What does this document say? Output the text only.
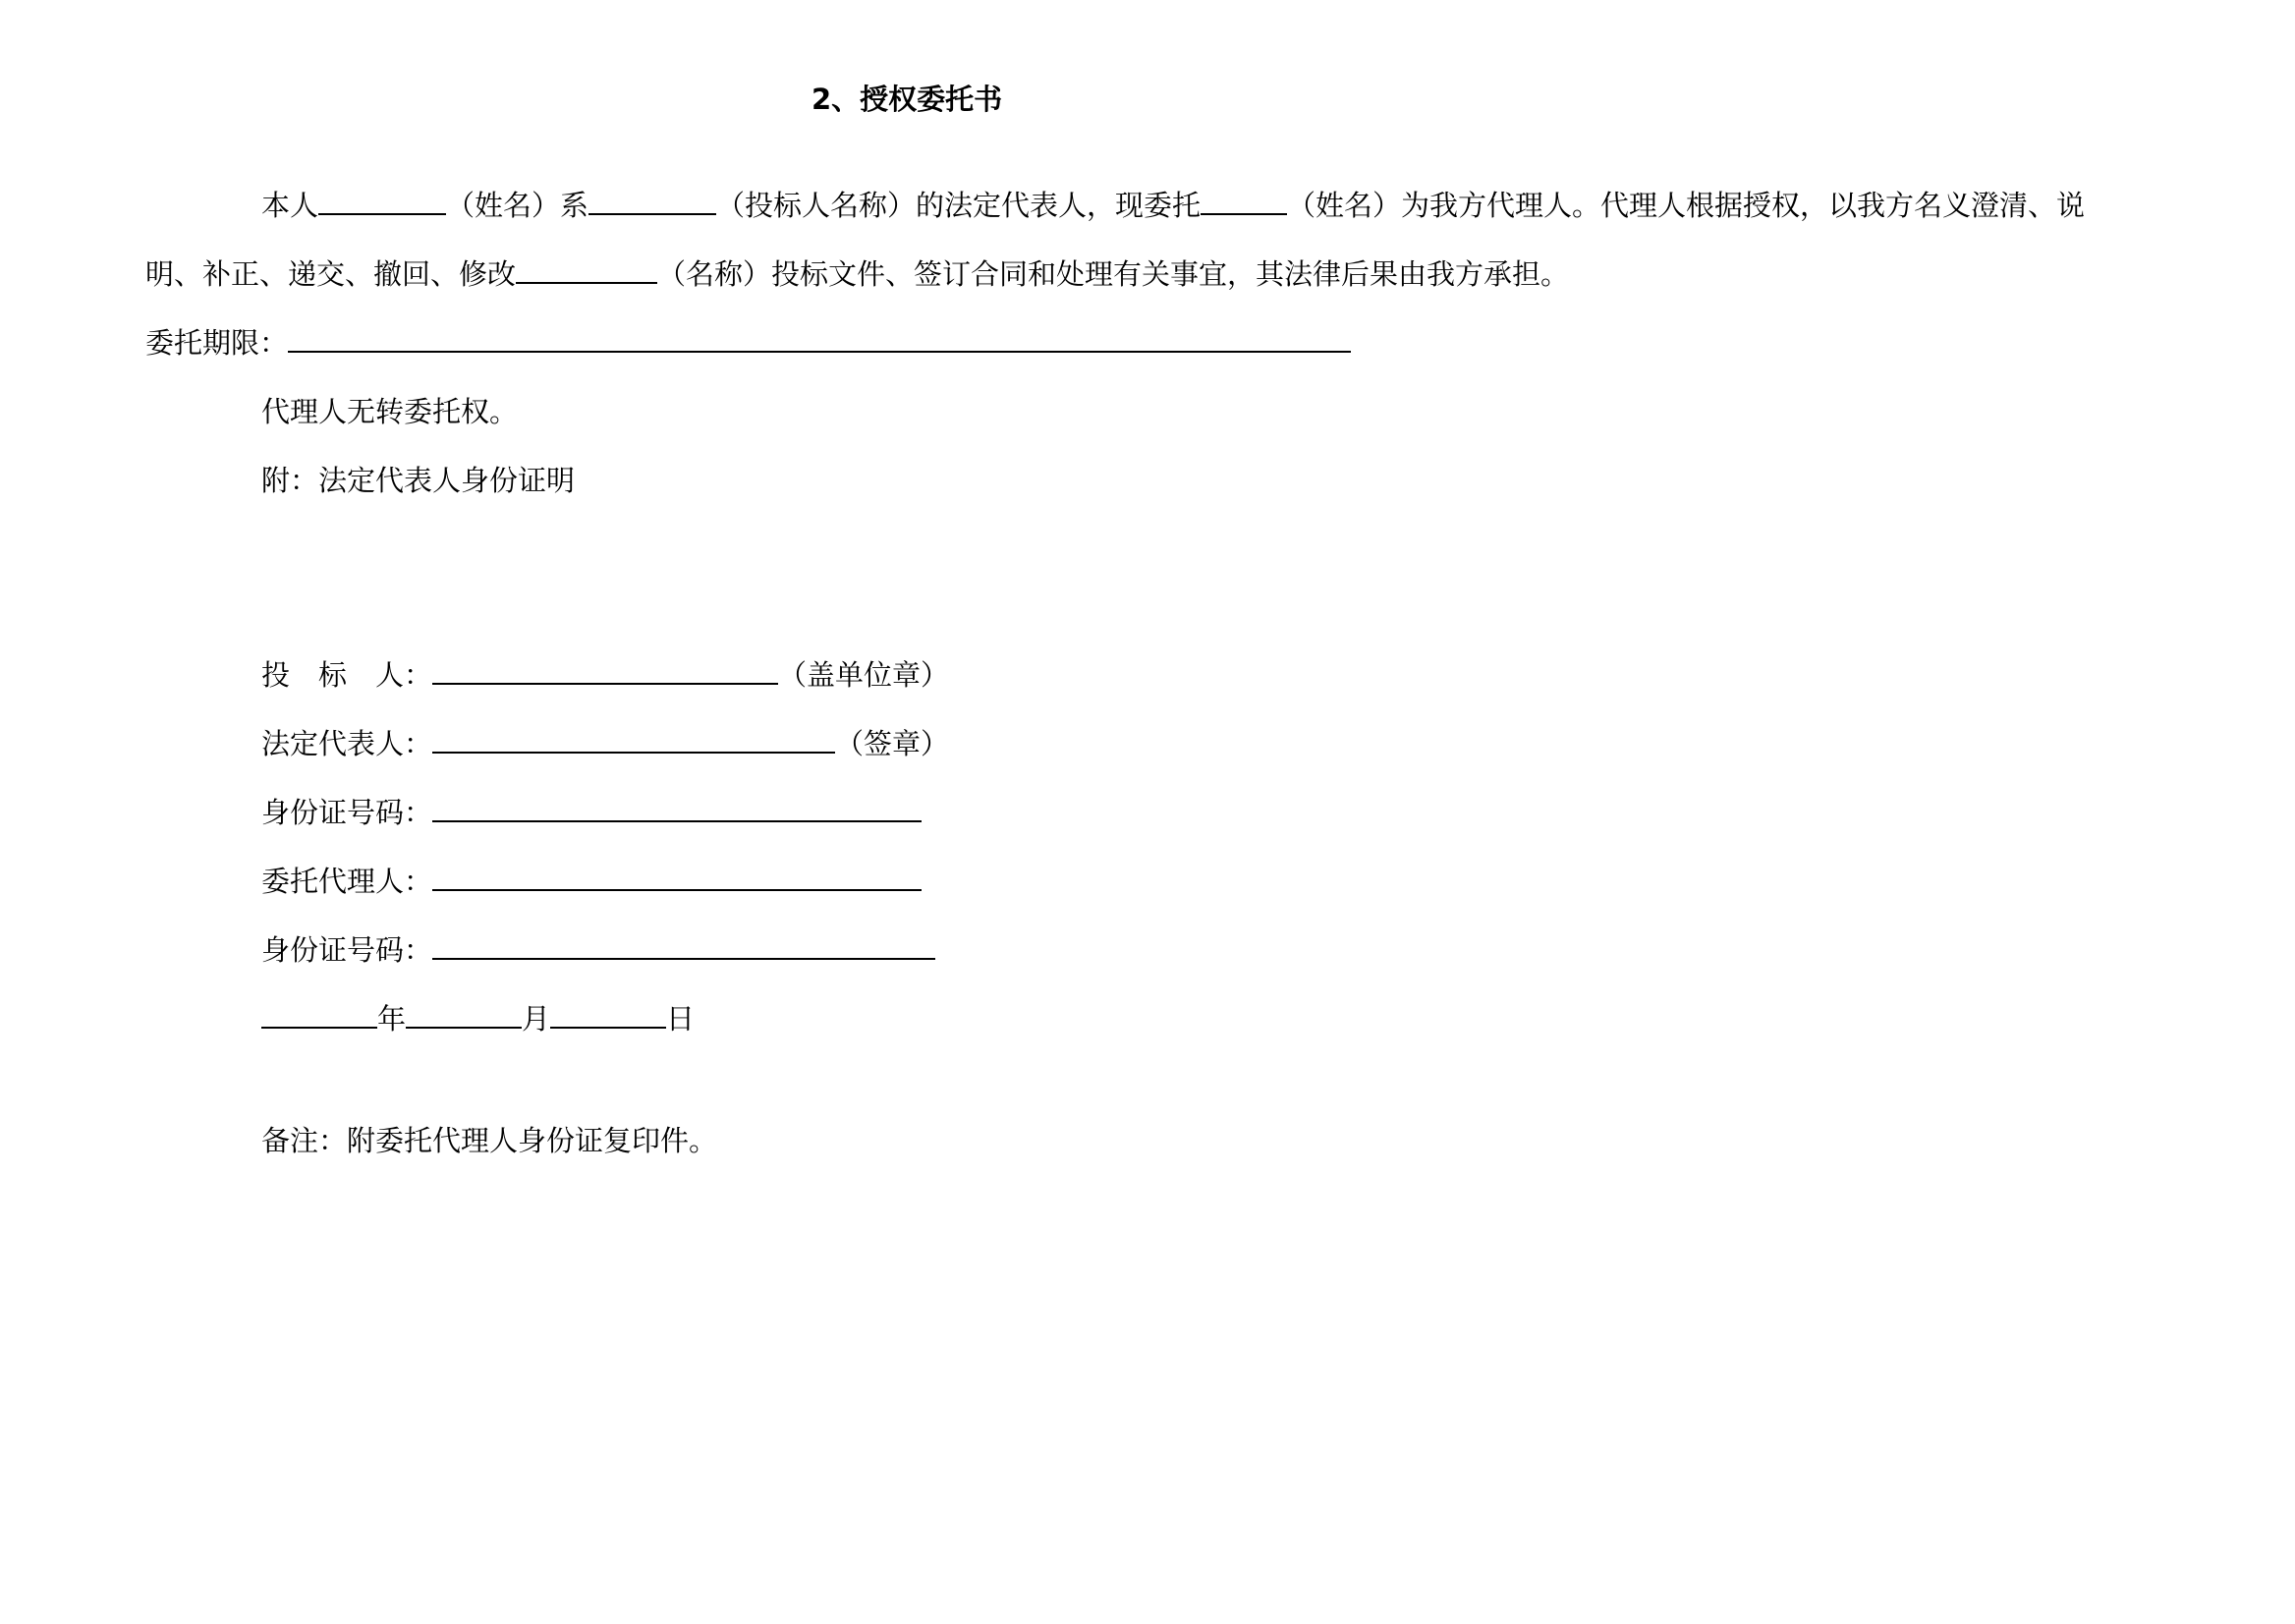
2、授权委托书
本人	（姓名）系	（投标人名称）的法定代表人，现委托	（姓名）为我方代理人。代理人根据授权，以我方名义澄清、说
明、补正、递交、撤回、修改	（名称）投标文件、签订合同和处理有关事宜，其法律后果由我方承担。
委托期限：
代理人无转委托权。
附：法定代表人身份证明
投　标　人：	（盖单位章）
法定代表人：	（签章）
身份证号码：
委托代理人：
身份证号码：
年	月	日
备注：附委托代理人身份证复印件。
